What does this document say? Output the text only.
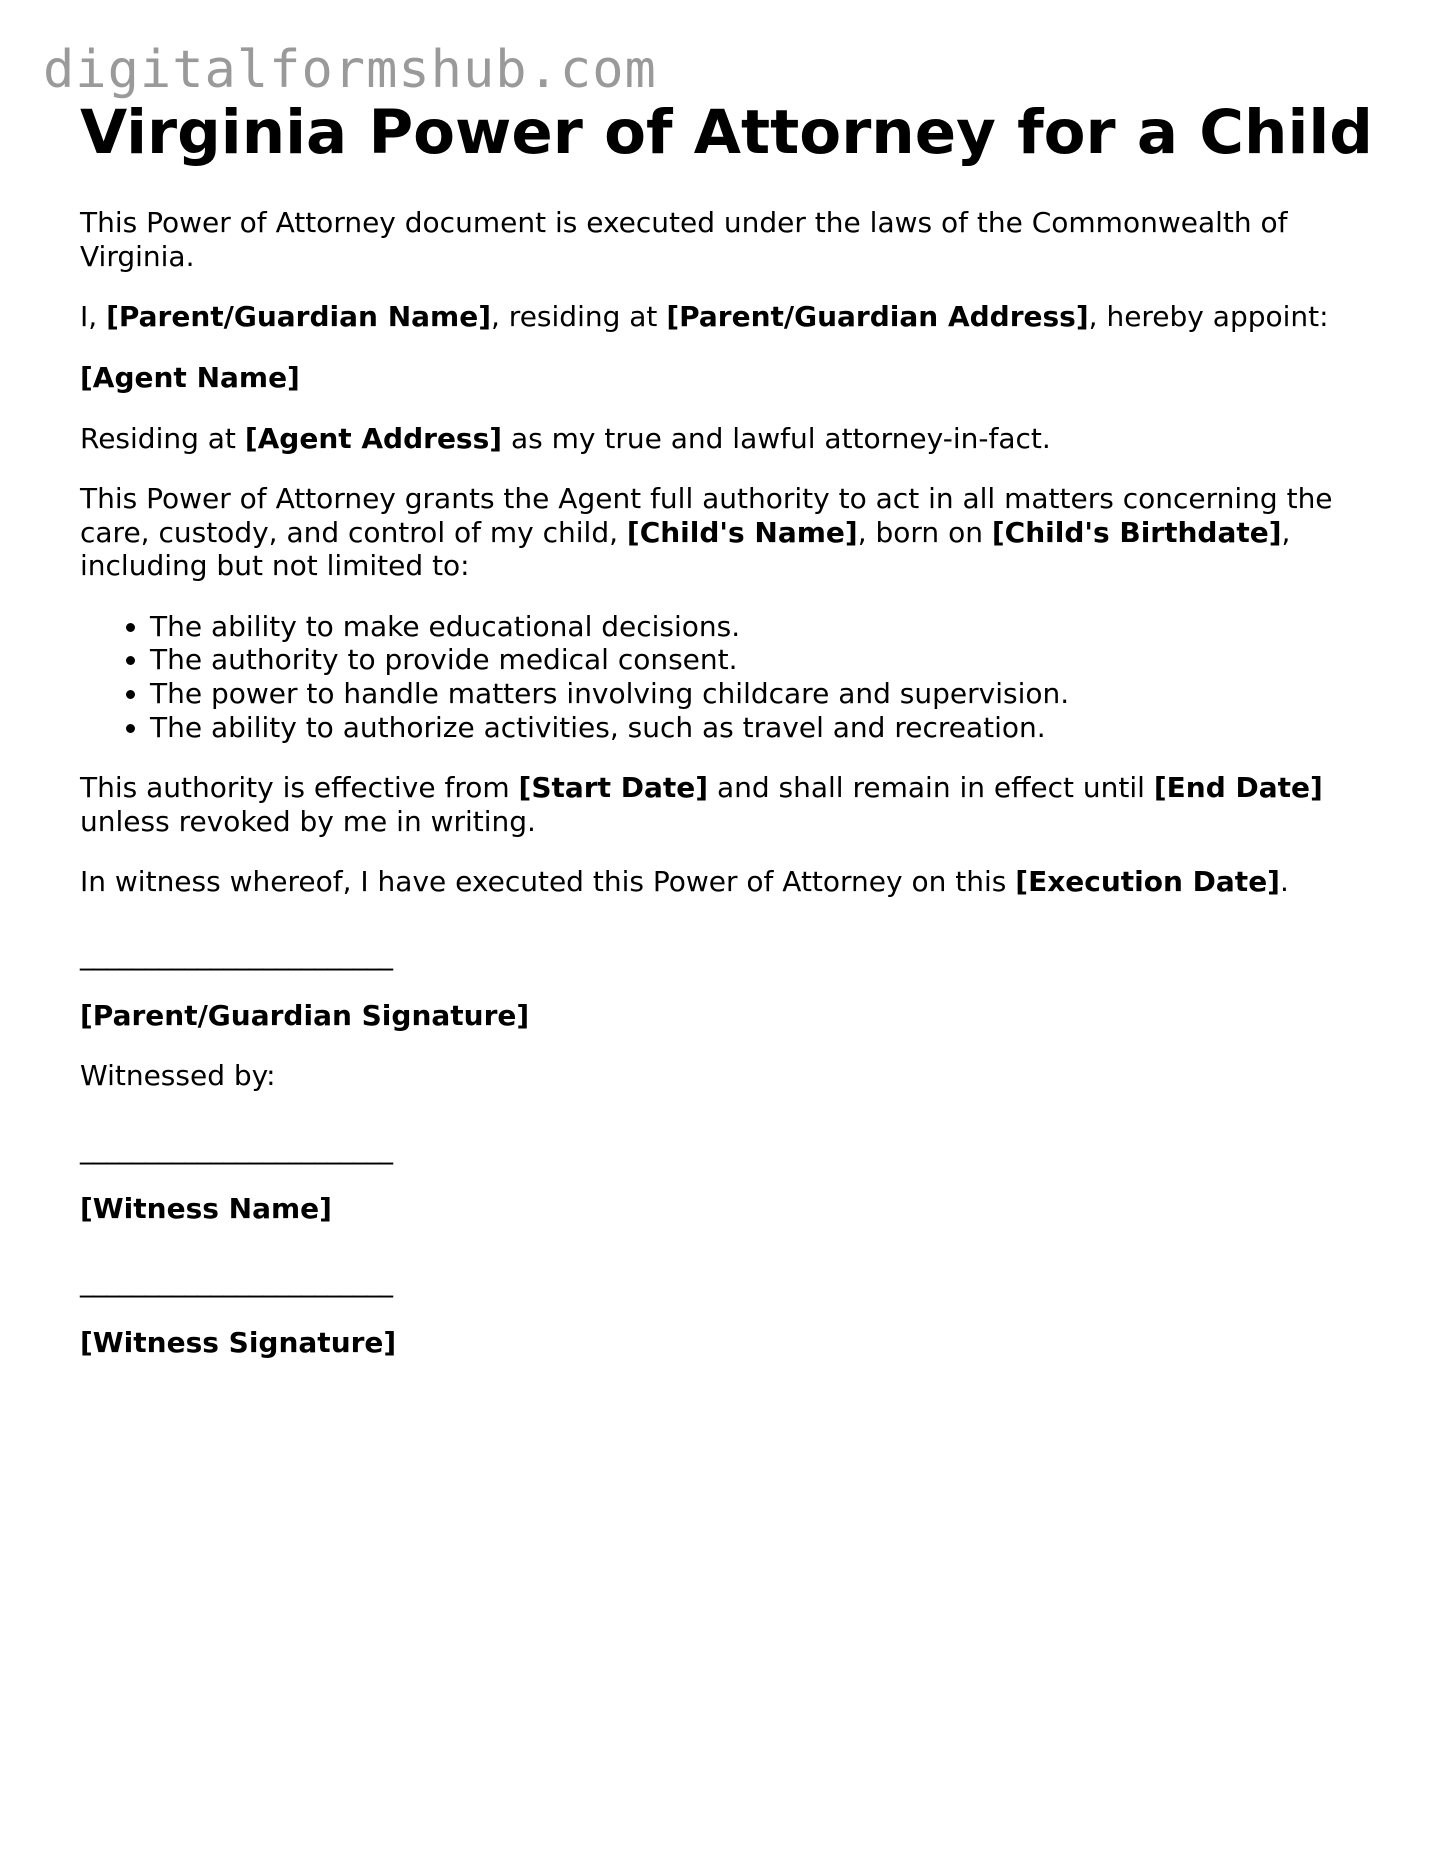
digitalformshub.com
Virginia Power of Attorney for a Child

This Power of Attorney document is executed under the laws of the Commonwealth of Virginia.

I, [Parent/Guardian Name], residing at [Parent/Guardian Address], hereby appoint:

[Agent Name]

Residing at [Agent Address] as my true and lawful attorney-in-fact.

This Power of Attorney grants the Agent full authority to act in all matters concerning the care, custody, and control of my child, [Child's Name], born on [Child's Birthdate], including but not limited to:

• The ability to make educational decisions.
• The authority to provide medical consent.
• The power to handle matters involving childcare and supervision.
• The ability to authorize activities, such as travel and recreation.

This authority is effective from [Start Date] and shall remain in effect until [End Date] unless revoked by me in writing.

In witness whereof, I have executed this Power of Attorney on this [Execution Date].

________________________

[Parent/Guardian Signature]

Witnessed by:

________________________

[Witness Name]

________________________

[Witness Signature]
